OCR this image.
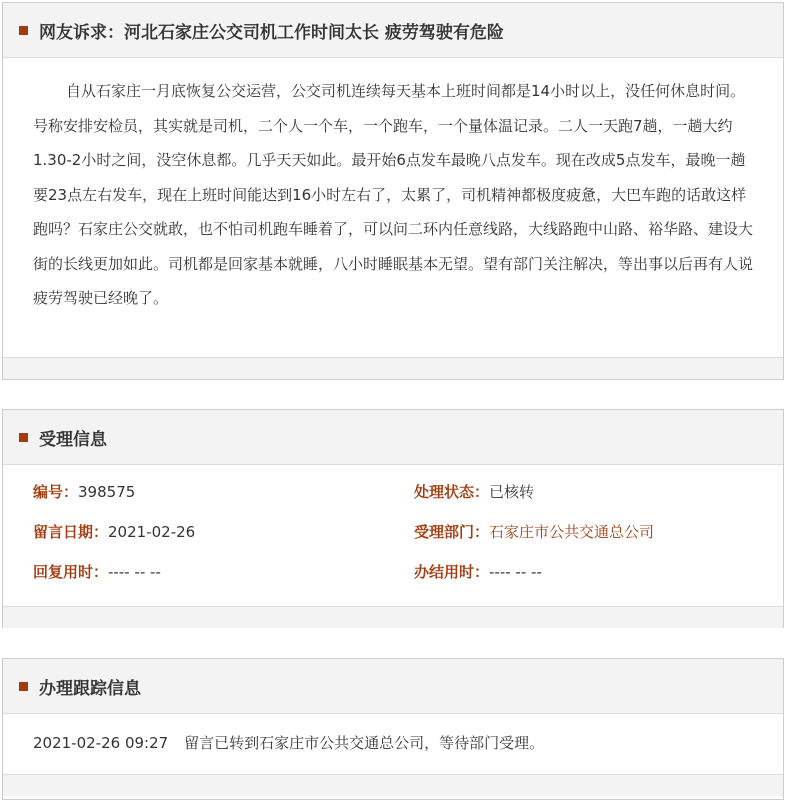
网友诉求：河北石家庄公交司机工作时间太长 疲劳驾驶有危险
自从石家庄一月底恢复公交运营，公交司机连续每天基本上班时间都是14小时以上，没任何休息时间。号称安排安检员，其实就是司机，二个人一个车，一个跑车，一个量体温记录。二人一天跑7趟，一趟大约1.30-2小时之间，没空休息都。几乎天天如此。最开始6点发车最晚八点发车。现在改成5点发车，最晚一趟要23点左右发车，现在上班时间能达到16小时左右了，太累了，司机精神都极度疲惫，大巴车跑的话敢这样跑吗？石家庄公交就敢，也不怕司机跑车睡着了，可以问二环内任意线路，大线路跑中山路、裕华路、建设大街的长线更加如此。司机都是回家基本就睡，八小时睡眠基本无望。望有部门关注解决，等出事以后再有人说疲劳驾驶已经晚了。
受理信息
编号：398575	处理状态：已核转
留言日期：2021-02-26	受理部门：石家庄市公共交通总公司
回复用时：---- -- --	办结用时：---- -- --
办理跟踪信息
2021-02-26 09:27 留言已转到石家庄市公共交通总公司，等待部门受理。
